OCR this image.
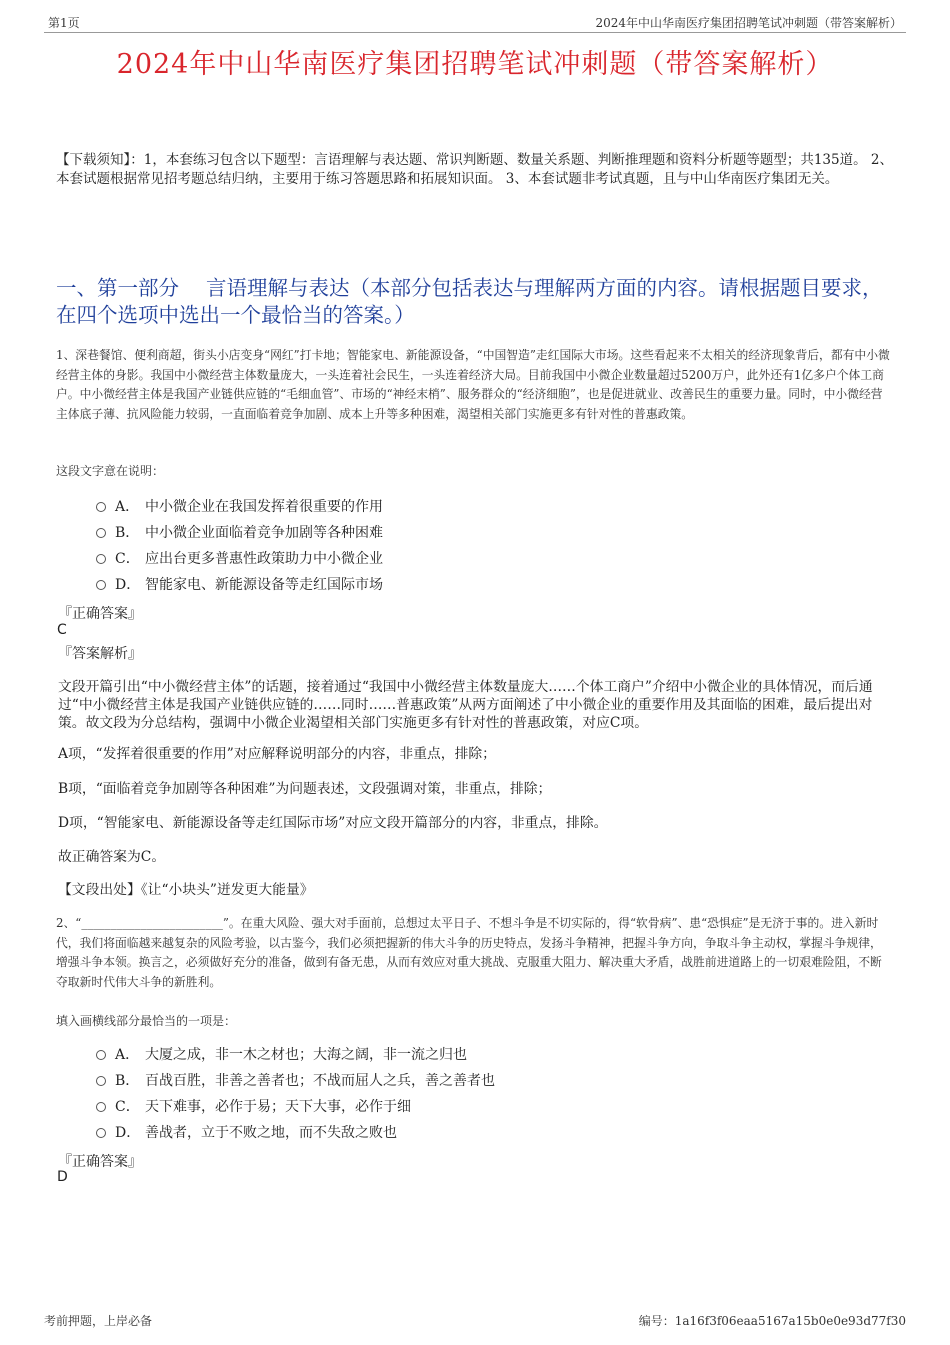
第1页	2024年中山华南医疗集团招聘笔试冲刺题（带答案解析）
2024年中山华南医疗集团招聘笔试冲刺题（带答案解析）
【下载须知】：1，本套练习包含以下题型：言语理解与表达题、常识判断题、数量关系题、判断推理题和资料分析题等题型；共135道。 2、本套试题根据常见招考题总结归纳，主要用于练习答题思路和拓展知识面。 3、本套试题非考试真题，且与中山华南医疗集团无关。
一、第一部分　 言语理解与表达（本部分包括表达与理解两方面的内容。请根据题目要求，在四个选项中选出一个最恰当的答案。）
1、深巷餐馆、便利商超，街头小店变身“网红”打卡地；智能家电、新能源设备，“中国智造”走红国际大市场。这些看起来不太相关的经济现象背后，都有中小微经营主体的身影。我国中小微经营主体数量庞大，一头连着社会民生，一头连着经济大局。目前我国中小微企业数量超过5200万户，此外还有1亿多户个体工商户。中小微经营主体是我国产业链供应链的“毛细血管”、市场的“神经末梢”、服务群众的“经济细胞”，也是促进就业、改善民生的重要力量。同时，中小微经营主体底子薄、抗风险能力较弱，一直面临着竞争加剧、成本上升等多种困难，渴望相关部门实施更多有针对性的普惠政策。
这段文字意在说明：
A． 中小微企业在我国发挥着很重要的作用
B． 中小微企业面临着竞争加剧等各种困难
C． 应出台更多普惠性政策助力中小微企业
D． 智能家电、新能源设备等走红国际市场
『正确答案』
C
『答案解析』
文段开篇引出“中小微经营主体”的话题，接着通过“我国中小微经营主体数量庞大……个体工商户”介绍中小微企业的具体情况，而后通过“中小微经营主体是我国产业链供应链的……同时……普惠政策”从两方面阐述了中小微企业的重要作用及其面临的困难，最后提出对策。故文段为分总结构，强调中小微企业渴望相关部门实施更多有针对性的普惠政策，对应C项。
A项，“发挥着很重要的作用”对应解释说明部分的内容，非重点，排除；
B项，“面临着竞争加剧等各种困难”为问题表述，文段强调对策，非重点，排除；
D项，“智能家电、新能源设备等走红国际市场”对应文段开篇部分的内容，非重点，排除。
故正确答案为C。
【文段出处】《让“小块头”迸发更大能量》
2、“________________________”。在重大风险、强大对手面前，总想过太平日子、不想斗争是不切实际的，得“软骨病”、患“恐惧症”是无济于事的。进入新时代，我们将面临越来越复杂的风险考验，以古鉴今，我们必须把握新的伟大斗争的历史特点，发扬斗争精神，把握斗争方向，争取斗争主动权，掌握斗争规律，增强斗争本领。换言之，必须做好充分的准备，做到有备无患，从而有效应对重大挑战、克服重大阻力、解决重大矛盾，战胜前进道路上的一切艰难险阻，不断夺取新时代伟大斗争的新胜利。
填入画横线部分最恰当的一项是：
A． 大厦之成，非一木之材也；大海之阔，非一流之归也
B． 百战百胜，非善之善者也；不战而屈人之兵，善之善者也
C． 天下难事，必作于易；天下大事，必作于细
D． 善战者，立于不败之地，而不失敌之败也
『正确答案』
D
考前押题，上岸必备	编号：1a16f3f06eaa5167a15b0e0e93d77f30
